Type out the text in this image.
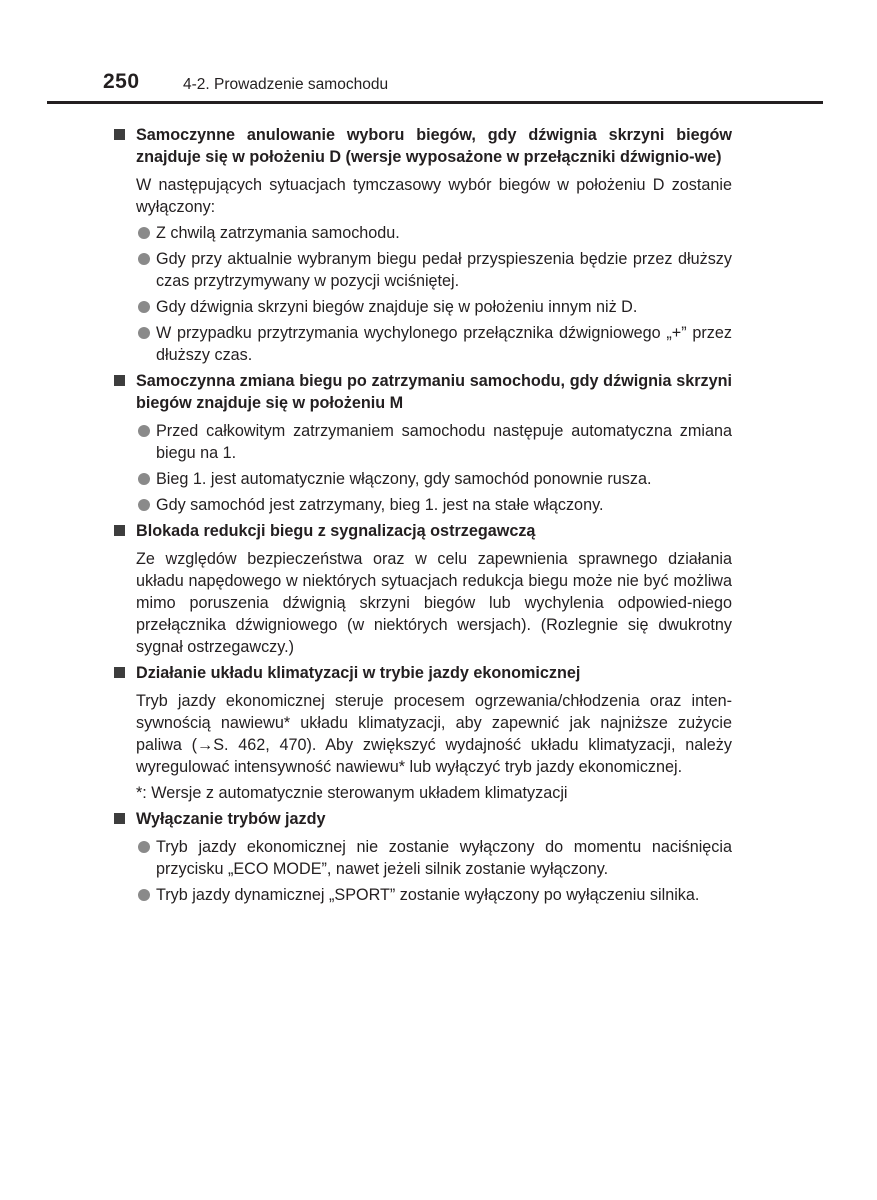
250	4-2. Prowadzenie samochodu
Samoczynne anulowanie wyboru biegów, gdy dźwignia skrzyni biegów znajduje się w położeniu D (wersje wyposażone w przełączniki dźwignio-we)
W następujących sytuacjach tymczasowy wybór biegów w położeniu D zostanie wyłączony:
Z chwilą zatrzymania samochodu.
Gdy przy aktualnie wybranym biegu pedał przyspieszenia będzie przez dłuższy czas przytrzymywany w pozycji wciśniętej.
Gdy dźwignia skrzyni biegów znajduje się w położeniu innym niż D.
W przypadku przytrzymania wychylonego przełącznika dźwigniowego „+” przez dłuższy czas.
Samoczynna zmiana biegu po zatrzymaniu samochodu, gdy dźwignia skrzyni biegów znajduje się w położeniu M
Przed całkowitym zatrzymaniem samochodu następuje automatyczna zmiana biegu na 1.
Bieg 1. jest automatycznie włączony, gdy samochód ponownie rusza.
Gdy samochód jest zatrzymany, bieg 1. jest na stałe włączony.
Blokada redukcji biegu z sygnalizacją ostrzegawczą
Ze względów bezpieczeństwa oraz w celu zapewnienia sprawnego działania układu napędowego w niektórych sytuacjach redukcja biegu może nie być możliwa mimo poruszenia dźwignią skrzyni biegów lub wychylenia odpowied-niego przełącznika dźwigniowego (w niektórych wersjach). (Rozlegnie się dwukrotny sygnał ostrzegawczy.)
Działanie układu klimatyzacji w trybie jazdy ekonomicznej
Tryb jazdy ekonomicznej steruje procesem ogrzewania/chłodzenia oraz inten-sywnością nawiewu* układu klimatyzacji, aby zapewnić jak najniższe zużycie paliwa (→S. 462, 470). Aby zwiększyć wydajność układu klimatyzacji, należy wyregulować intensywność nawiewu* lub wyłączyć tryb jazdy ekonomicznej.
*: Wersje z automatycznie sterowanym układem klimatyzacji
Wyłączanie trybów jazdy
Tryb jazdy ekonomicznej nie zostanie wyłączony do momentu naciśnięcia przycisku „ECO MODE”, nawet jeżeli silnik zostanie wyłączony.
Tryb jazdy dynamicznej „SPORT” zostanie wyłączony po wyłączeniu silnika.
